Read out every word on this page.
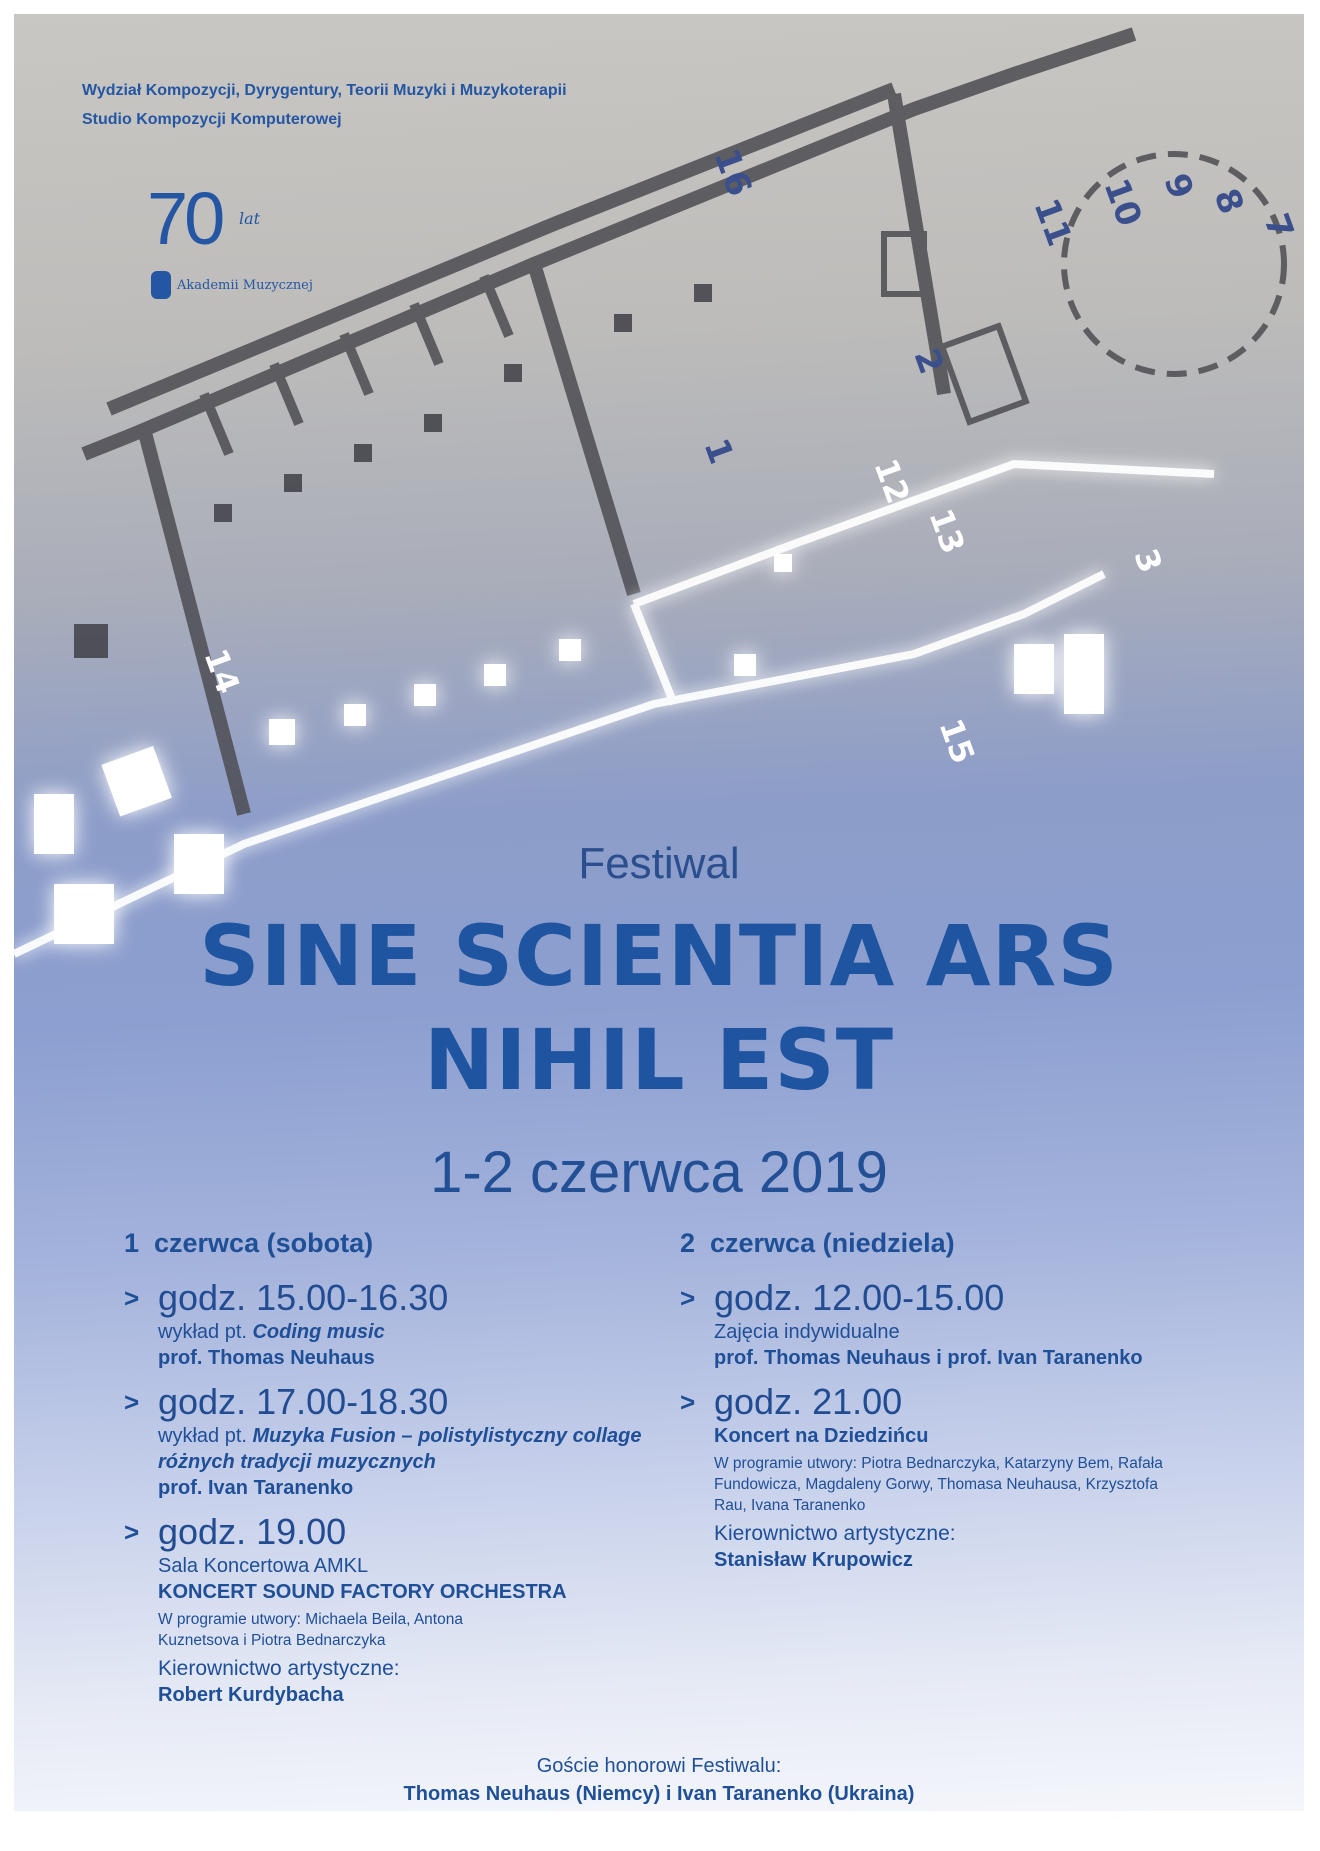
16
11 10 9 8
7
2
1
12
13
3
14
15
Wydział Kompozycji, Dyrygentury, Teorii Muzyki i Muzykoterapii
Studio Kompozycji Komputerowej
70 lat
Akademii Muzycznej
Festiwal
SINE SCIENTIA ARS
NIHIL EST
1-2 czerwca 2019
1  czerwca (sobota)
> godz. 15.00-16.30
wykład pt. Coding music
prof. Thomas Neuhaus
> godz. 17.00-18.30
wykład pt. Muzyka Fusion – polistylistyczny collage różnych tradycji muzycznych
prof. Ivan Taranenko
> godz. 19.00
Sala Koncertowa AMKL
KONCERT SOUND FACTORY ORCHESTRA
W programie utwory: Michaela Beila, Antona Kuznetsova i Piotra Bednarczyka
Kierownictwo artystyczne:
Robert Kurdybacha
2  czerwca (niedziela)
> godz. 12.00-15.00
Zajęcia indywidualne
prof. Thomas Neuhaus i prof. Ivan Taranenko
> godz. 21.00
Koncert na Dziedzińcu
W programie utwory: Piotra Bednarczyka, Katarzyny Bem, Rafała Fundowicza, Magdaleny Gorwy, Thomasa Neuhausa, Krzysztofa Rau, Ivana Taranenko
Kierownictwo artystyczne:
Stanisław Krupowicz
Goście honorowi Festiwalu:
Thomas Neuhaus (Niemcy) i Ivan Taranenko (Ukraina)
